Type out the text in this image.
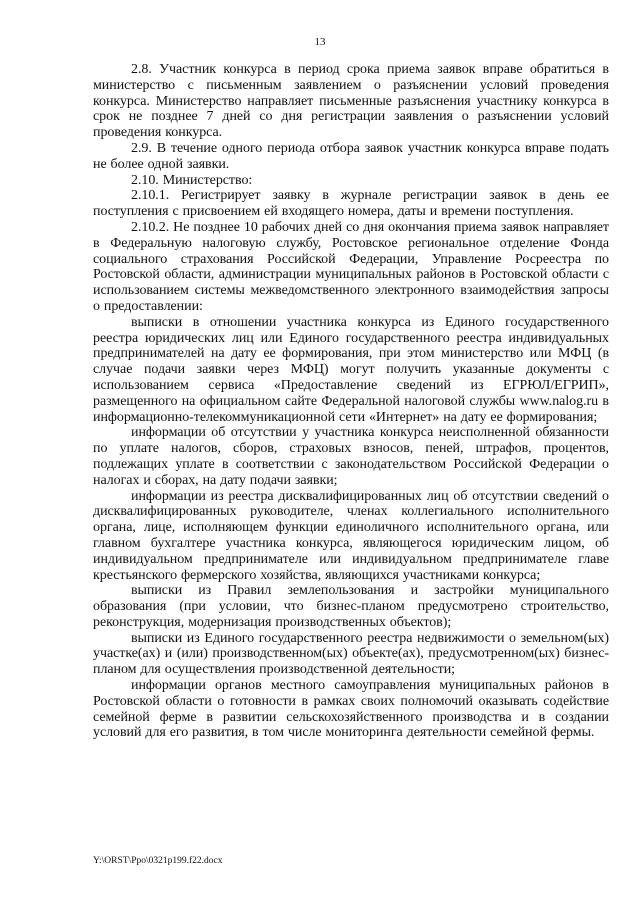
13

2.8. Участник конкурса в период срока приема заявок вправе обратиться в министерство с письменным заявлением о разъяснении условий проведения конкурса. Министерство направляет письменные разъяснения участнику конкурса в срок не позднее 7 дней со дня регистрации заявления о разъяснении условий проведения конкурса.

2.9. В течение одного периода отбора заявок участник конкурса вправе подать не более одной заявки.

2.10. Министерство:

2.10.1. Регистрирует заявку в журнале регистрации заявок в день ее поступления с присвоением ей входящего номера, даты и времени поступления.

2.10.2. Не позднее 10 рабочих дней со дня окончания приема заявок направляет в Федеральную налоговую службу, Ростовское региональное отделение Фонда социального страхования Российской Федерации, Управление Росреестра по Ростовской области, администрации муниципальных районов в Ростовской области с использованием системы межведомственного электронного взаимодействия запросы о предоставлении:

выписки в отношении участника конкурса из Единого государственного реестра юридических лиц или Единого государственного реестра индивидуальных предпринимателей на дату ее формирования, при этом министерство или МФЦ (в случае подачи заявки через МФЦ) могут получить указанные документы с использованием сервиса «Предоставление сведений из ЕГРЮЛ/ЕГРИП», размещенного на официальном сайте Федеральной налоговой службы www.nalog.ru в информационно-телекоммуникационной сети «Интернет» на дату ее формирования;

информации об отсутствии у участника конкурса неисполненной обязанности по уплате налогов, сборов, страховых взносов, пеней, штрафов, процентов, подлежащих уплате в соответствии с законодательством Российской Федерации о налогах и сборах, на дату подачи заявки;

информации из реестра дисквалифицированных лиц об отсутствии сведений о дисквалифицированных руководителе, членах коллегиального исполнительного органа, лице, исполняющем функции единоличного исполнительного органа, или главном бухгалтере участника конкурса, являющегося юридическим лицом, об индивидуальном предпринимателе или индивидуальном предпринимателе главе крестьянского фермерского хозяйства, являющихся участниками конкурса;

выписки из Правил землепользования и застройки муниципального образования (при условии, что бизнес-планом предусмотрено строительство, реконструкция, модернизация производственных объектов);

выписки из Единого государственного реестра недвижимости о земельном(ых) участке(ах) и (или) производственном(ых) объекте(ах), предусмотренном(ых) бизнес-планом для осуществления производственной деятельности;

информации органов местного самоуправления муниципальных районов в Ростовской области о готовности в рамках своих полномочий оказывать содействие семейной ферме в развитии сельскохозяйственного производства и в создании условий для его развития, в том числе мониторинга деятельности семейной фермы.

Y:\ORST\Ppo\0321p199.f22.docx
